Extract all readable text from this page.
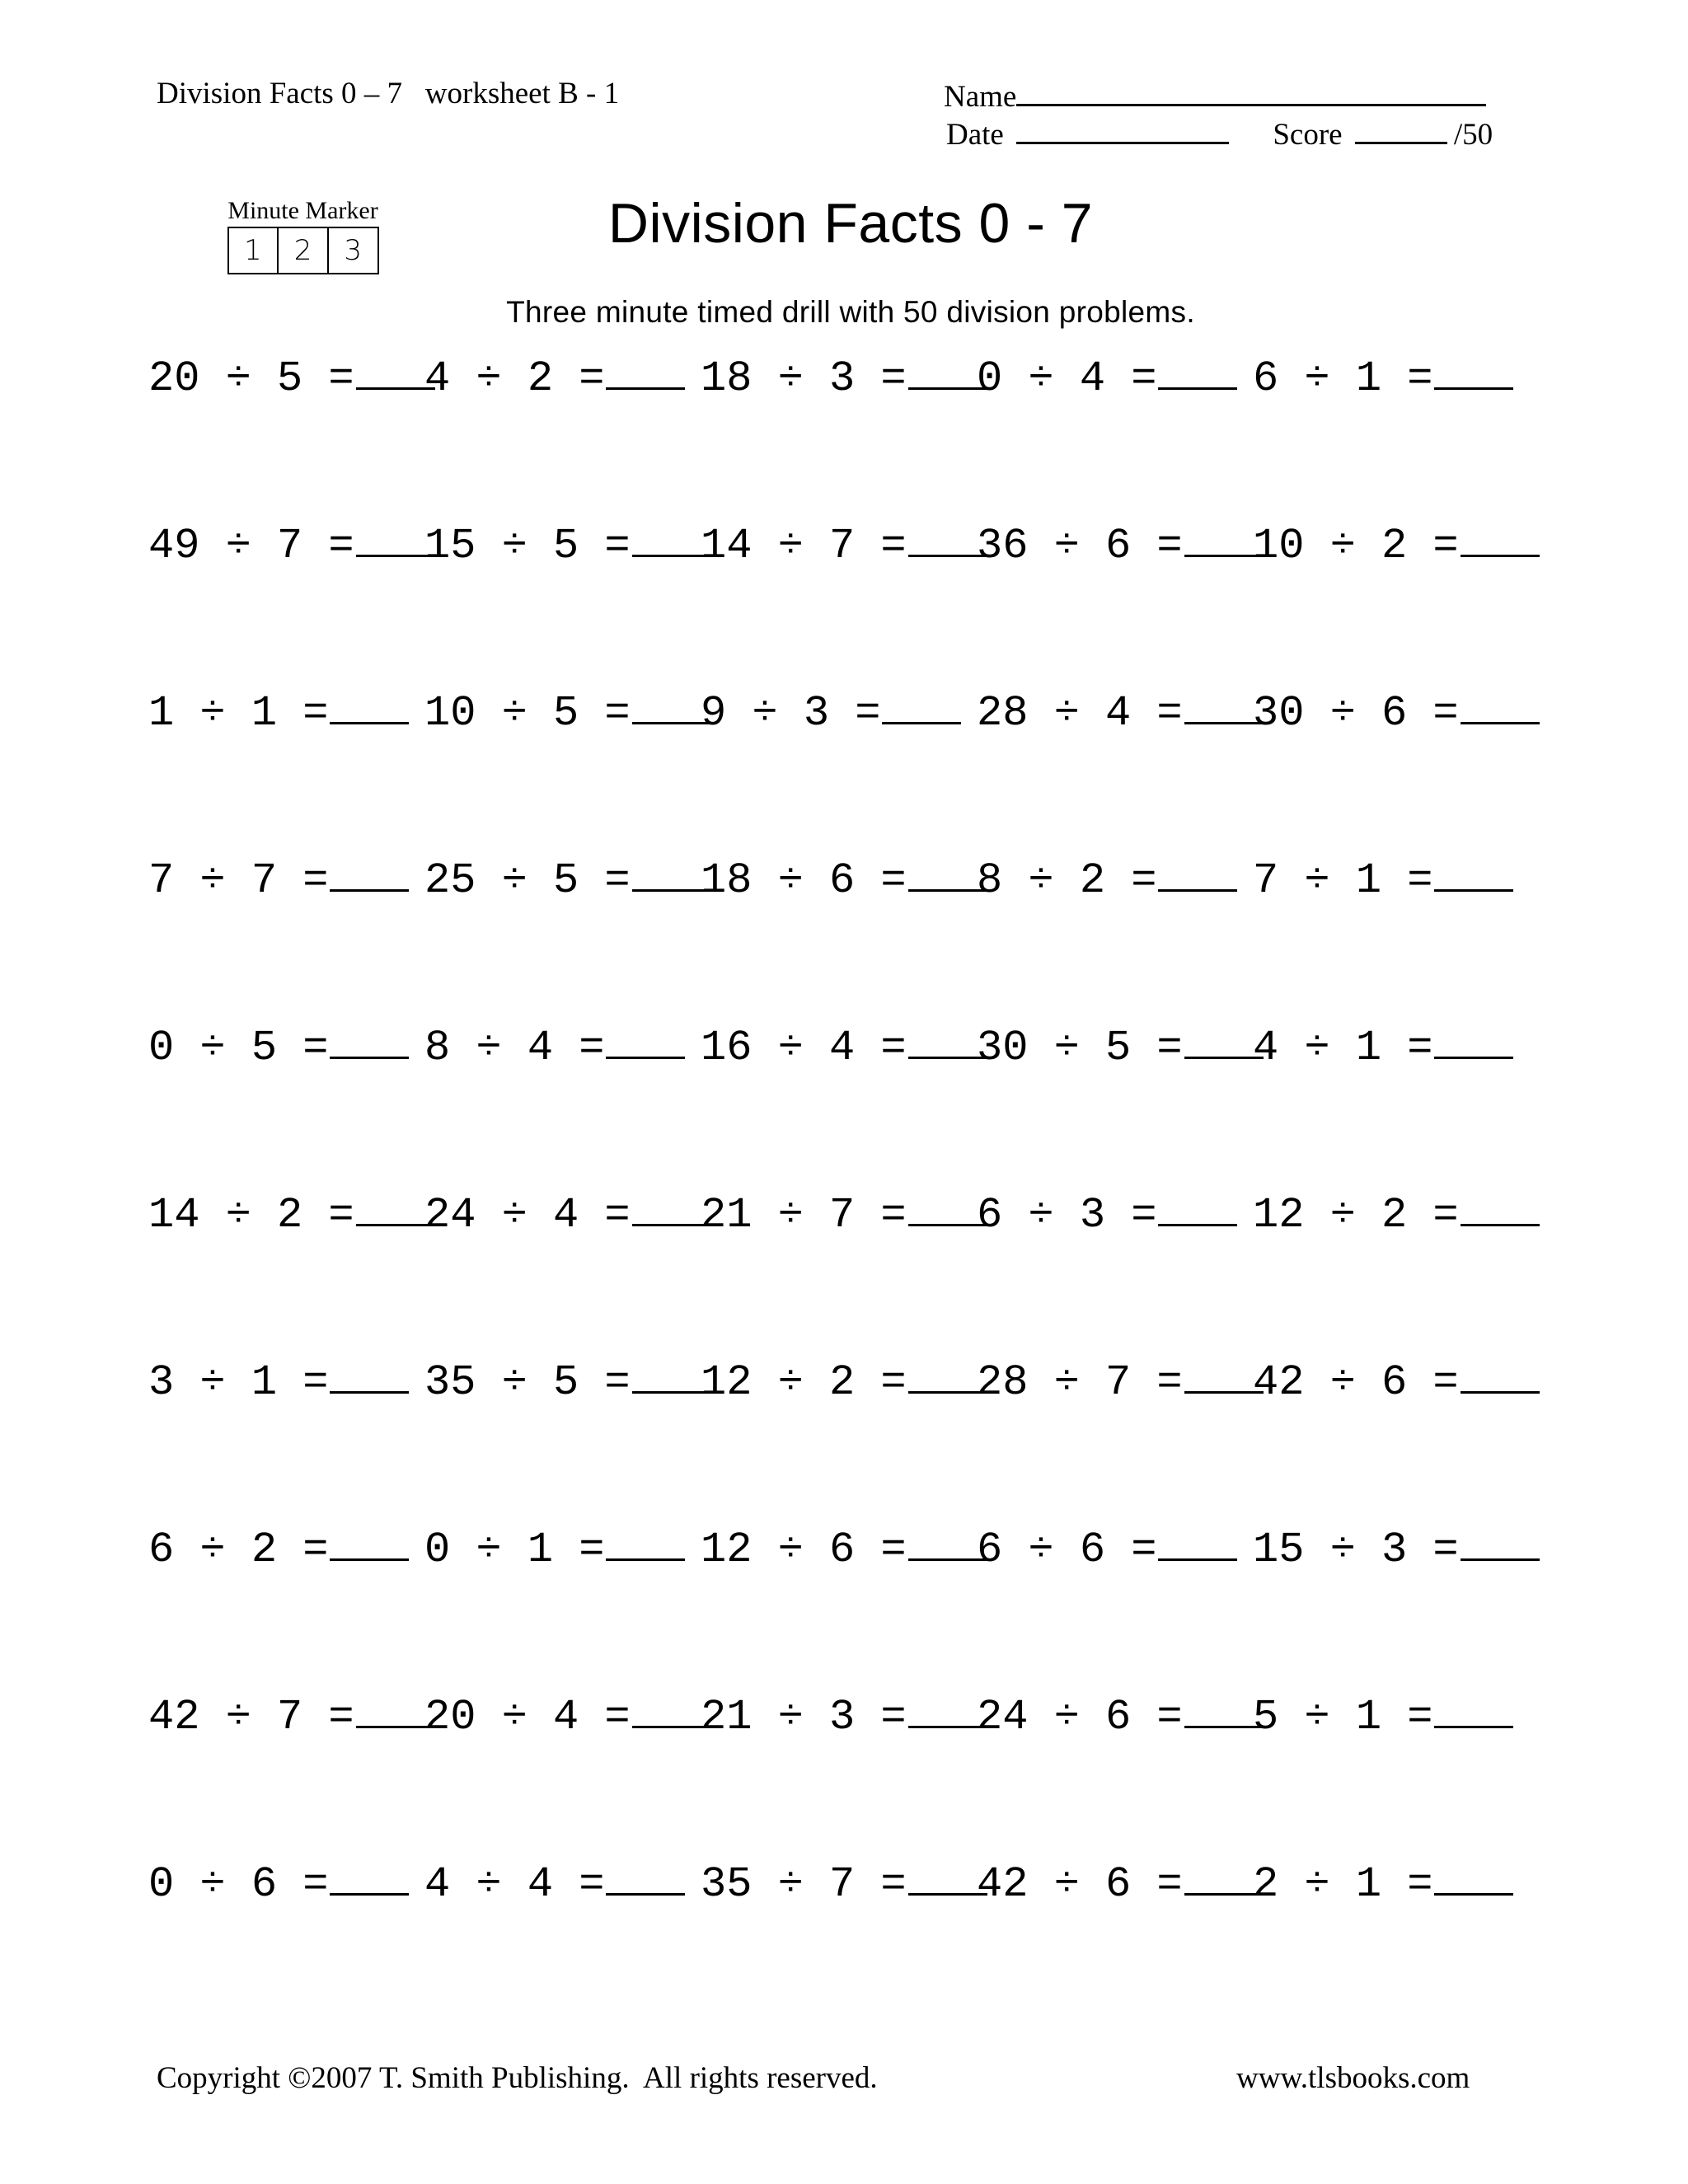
Division Facts 0 – 7   worksheet B - 1	Name
Date	Score	/50
Minute Marker
1	2	3	Division Facts 0 - 7
Three minute timed drill with 50 division problems.
20 ÷ 5 =	4 ÷ 2 =	18 ÷ 3 =	0 ÷ 4 =	6 ÷ 1 =
49 ÷ 7 =	15 ÷ 5 =	14 ÷ 7 =	36 ÷ 6 =	10 ÷ 2 =
1 ÷ 1 =	10 ÷ 5 =	9 ÷ 3 =	28 ÷ 4 =	30 ÷ 6 =
7 ÷ 7 =	25 ÷ 5 =	18 ÷ 6 =	8 ÷ 2 =	7 ÷ 1 =
0 ÷ 5 =	8 ÷ 4 =	16 ÷ 4 =	30 ÷ 5 =	4 ÷ 1 =
14 ÷ 2 =	24 ÷ 4 =	21 ÷ 7 =	6 ÷ 3 =	12 ÷ 2 =
3 ÷ 1 =	35 ÷ 5 =	12 ÷ 2 =	28 ÷ 7 =	42 ÷ 6 =
6 ÷ 2 =	0 ÷ 1 =	12 ÷ 6 =	6 ÷ 6 =	15 ÷ 3 =
42 ÷ 7 =	20 ÷ 4 =	21 ÷ 3 =	24 ÷ 6 =	5 ÷ 1 =
0 ÷ 6 =	4 ÷ 4 =	35 ÷ 7 =	42 ÷ 6 =	2 ÷ 1 =
Copyright ©2007 T. Smith Publishing.  All rights reserved.	www.tlsbooks.com
